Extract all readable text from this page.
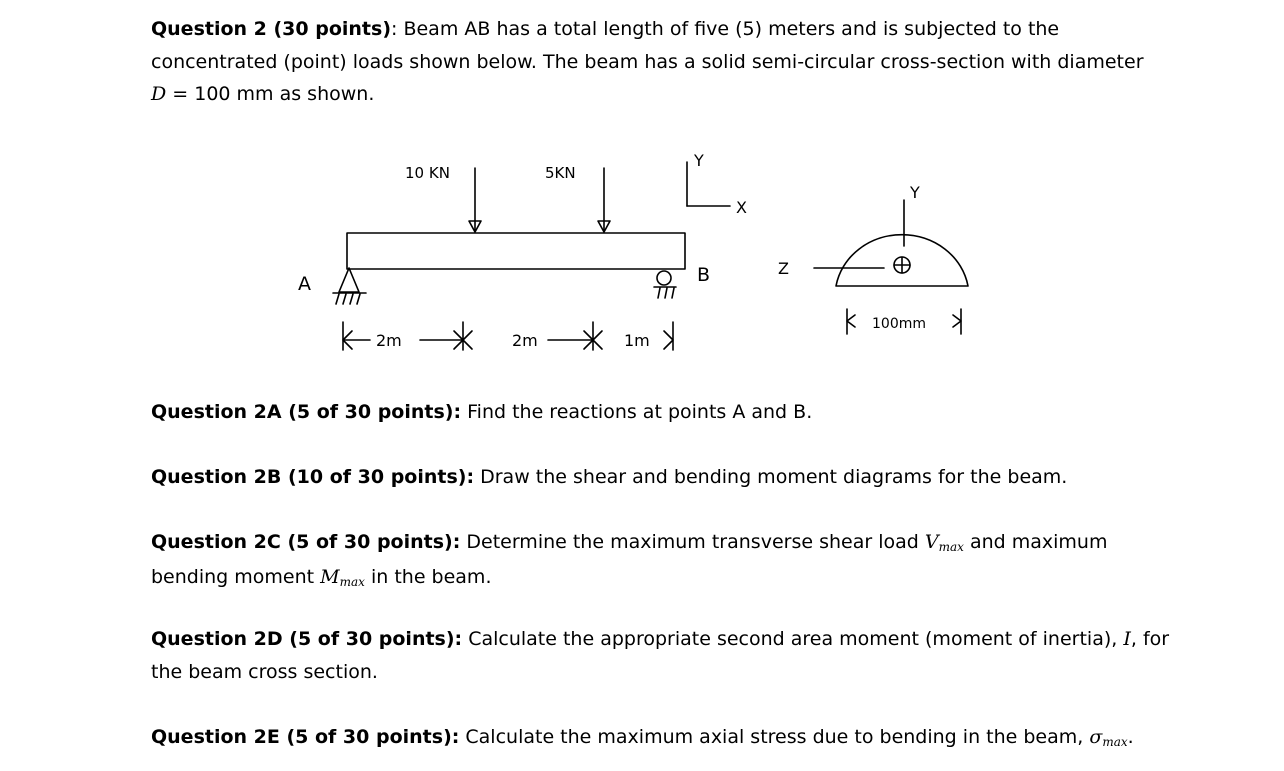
Question 2 (30 points): Beam AB has a total length of five (5) meters and is subjected to the
concentrated (point) loads shown below. The beam has a solid semi-circular cross-section with diameter
D = 100 mm as shown.

10 KN	5KN
A	B
Y
X
Z
2m	2m	1m
Y
100mm

Question 2A (5 of 30 points): Find the reactions at points A and B.

Question 2B (10 of 30 points): Draw the shear and bending moment diagrams for the beam.

Question 2C (5 of 30 points): Determine the maximum transverse shear load Vmax and maximum
bending moment Mmax in the beam.

Question 2D (5 of 30 points): Calculate the appropriate second area moment (moment of inertia), I, for
the beam cross section.

Question 2E (5 of 30 points): Calculate the maximum axial stress due to bending in the beam, σmax.
